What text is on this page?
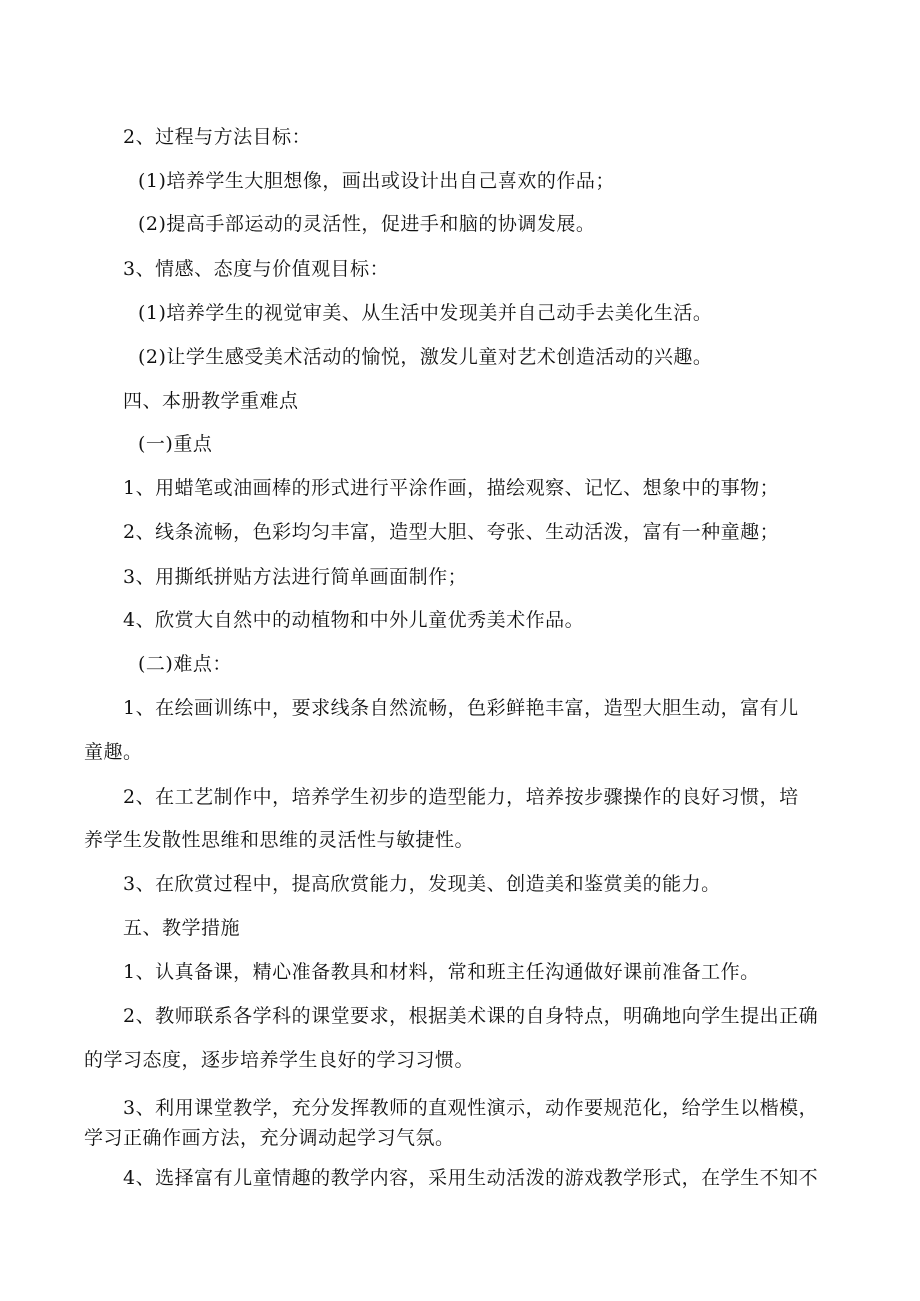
2、过程与方法目标：
(1)培养学生大胆想像，画出或设计出自己喜欢的作品；
(2)提高手部运动的灵活性，促进手和脑的协调发展。
3、情感、态度与价值观目标：
(1)培养学生的视觉审美、从生活中发现美并自己动手去美化生活。
(2)让学生感受美术活动的愉悦，激发儿童对艺术创造活动的兴趣。
四、本册教学重难点
(一)重点
1、用蜡笔或油画棒的形式进行平涂作画，描绘观察、记忆、想象中的事物；
2、线条流畅，色彩均匀丰富，造型大胆、夸张、生动活泼，富有一种童趣；
3、用撕纸拼贴方法进行简单画面制作；
4、欣赏大自然中的动植物和中外儿童优秀美术作品。
(二)难点：
1、在绘画训练中，要求线条自然流畅，色彩鲜艳丰富，造型大胆生动，富有儿
童趣。
2、在工艺制作中，培养学生初步的造型能力，培养按步骤操作的良好习惯，培
养学生发散性思维和思维的灵活性与敏捷性。
3、在欣赏过程中，提高欣赏能力，发现美、创造美和鉴赏美的能力。
五、教学措施
1、认真备课，精心准备教具和材料，常和班主任沟通做好课前准备工作。
2、教师联系各学科的课堂要求，根据美术课的自身特点，明确地向学生提出正确
的学习态度，逐步培养学生良好的学习习惯。
3、利用课堂教学，充分发挥教师的直观性演示，动作要规范化，给学生以楷模，
学习正确作画方法，充分调动起学习气氛。
4、选择富有儿童情趣的教学内容，采用生动活泼的游戏教学形式，在学生不知不
